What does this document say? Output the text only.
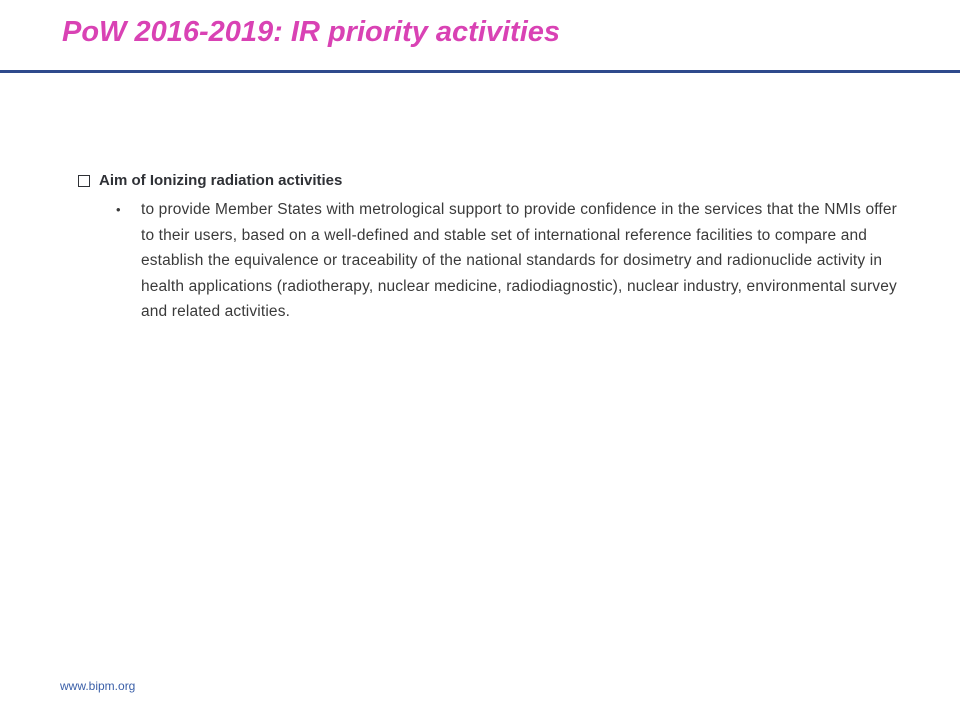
PoW 2016-2019: IR priority activities
Aim of Ionizing radiation activities
•	to provide Member States with metrological support to provide confidence in the services that the NMIs offer to their users, based on a well-defined and stable set of international reference facilities to compare and establish the equivalence or traceability of the national standards for dosimetry and radionuclide activity in health applications (radiotherapy, nuclear medicine, radiodiagnostic), nuclear industry, environmental survey and related activities.
www.bipm.org
